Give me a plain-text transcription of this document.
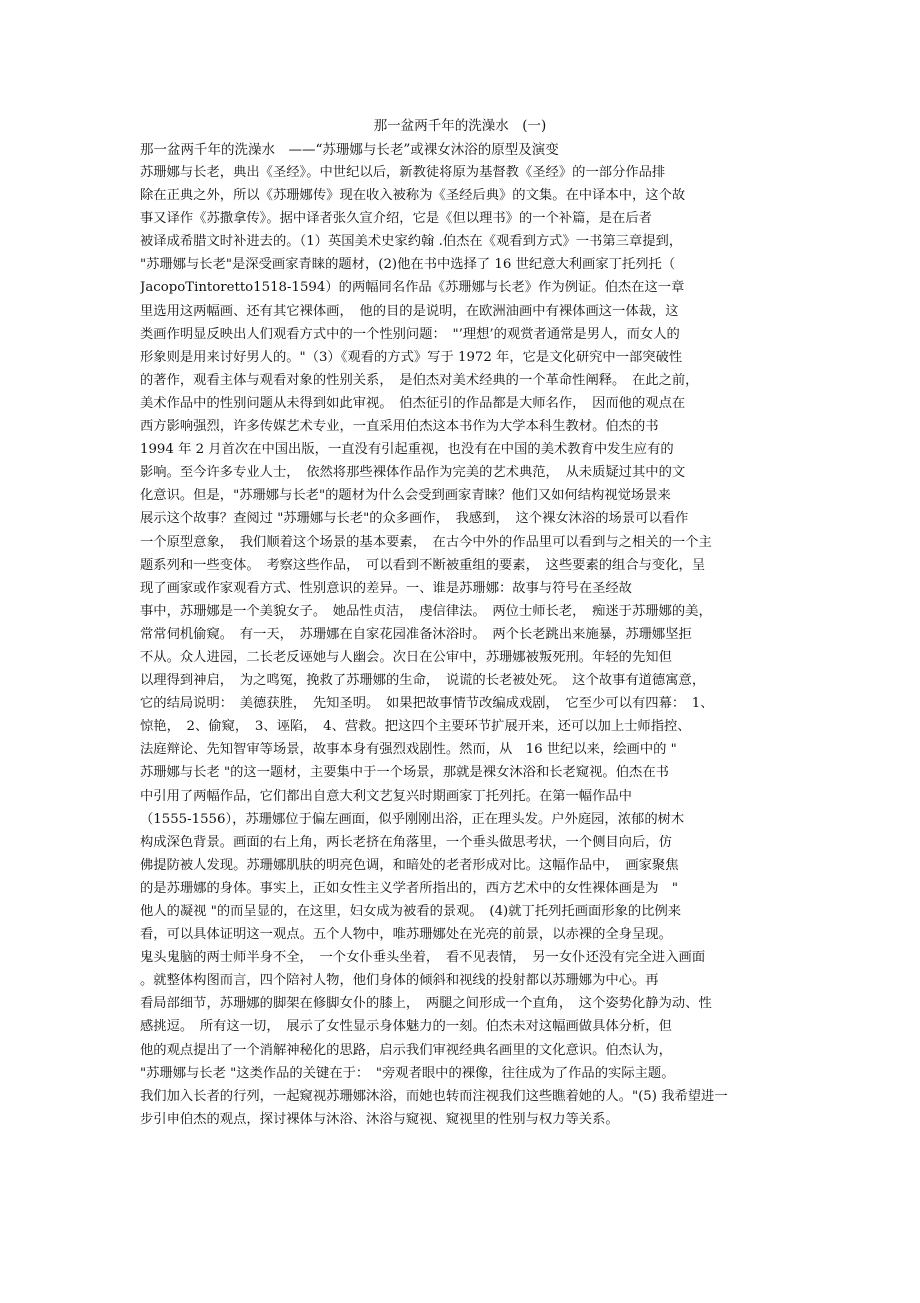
那一盆两千年的洗澡水　(一)
那一盆两千年的洗澡水　——“苏珊娜与长老”或裸女沐浴的原型及演变
苏珊娜与长老，典出《圣经》。中世纪以后，新教徒将原为基督教《圣经》的一部分作品排
除在正典之外，所以《苏珊娜传》现在收入被称为《圣经后典》的文集。在中译本中，这个故
事又译作《苏撒拿传》。据中译者张久宣介绍，它是《但以理书》的一个补篇，是在后者
被译成希腊文时补进去的。（1）英国美术史家约翰 .伯杰在《观看到方式》一书第三章提到，
"苏珊娜与长老"是深受画家青睐的题材，(2)他在书中选择了 16 世纪意大利画家丁托列托（
JacopoTintoretto1518-1594）的两幅同名作品《苏珊娜与长老》作为例证。伯杰在这一章
里选用这两幅画、还有其它裸体画，　他的目的是说明，在欧洲油画中有裸体画这一体裁，这
类画作明显反映出人们观看方式中的一个性别问题：　"’理想’的观赏者通常是男人，而女人的
形象则是用来讨好男人的。"（3）《观看的方式》写于 1972 年，它是文化研究中一部突破性
的著作，观看主体与观看对象的性别关系，　是伯杰对美术经典的一个革命性阐释。　在此之前，
美术作品中的性别问题从未得到如此审视。　伯杰征引的作品都是大师名作，　因而他的观点在
西方影响强烈，许多传媒艺术专业，一直采用伯杰这本书作为大学本科生教材。伯杰的书
1994 年 2 月首次在中国出版，一直没有引起重视，也没有在中国的美术教育中发生应有的
影响。至今许多专业人士，　依然将那些裸体作品作为完美的艺术典范，　从未质疑过其中的文
化意识。但是，"苏珊娜与长老"的题材为什么会受到画家青睐？他们又如何结构视觉场景来
展示这个故事？查阅过 "苏珊娜与长老"的众多画作，　我感到，　这个裸女沐浴的场景可以看作
一个原型意象，　我们顺着这个场景的基本要素，　在古今中外的作品里可以看到与之相关的一个主
题系列和一些变体。　考察这些作品，　可以看到不断被重组的要素，　这些要素的组合与变化，呈
现了画家或作家观看方式、性别意识的差异。一、谁是苏珊娜：故事与符号在圣经故
事中，苏珊娜是一个美貌女子。　她品性贞洁，　虔信律法。　两位士师长老，　痴迷于苏珊娜的美，
常常伺机偷窥。　有一天，　苏珊娜在自家花园准备沐浴时。　两个长老跳出来施暴，苏珊娜坚拒
不从。众人进园，二长老反诬她与人幽会。次日在公审中，苏珊娜被叛死刑。年轻的先知但
以理得到神启，　为之鸣冤，挽救了苏珊娜的生命，　说谎的长老被处死。　这个故事有道德寓意，
它的结局说明：　美德获胜，　先知圣明。　如果把故事情节改编成戏剧，　它至少可以有四幕：　1、
惊艳，　2、偷窥，　3、诬陷，　4、营救。把这四个主要环节扩展开来，还可以加上士师指控、
法庭辩论、先知智审等场景，故事本身有强烈戏剧性。然而，从　16 世纪以来，绘画中的 "
苏珊娜与长老 "的这一题材，主要集中于一个场景，那就是裸女沐浴和长老窥视。伯杰在书
中引用了两幅作品，它们都出自意大利文艺复兴时期画家丁托列托。在第一幅作品中
（1555-1556），苏珊娜位于偏左画面，似乎刚刚出浴，正在理头发。户外庭园，浓郁的树木
构成深色背景。画面的右上角，两长老挤在角落里，一个垂头做思考状，一个侧目向后，仿
佛提防被人发现。苏珊娜肌肤的明亮色调，和暗处的老者形成对比。这幅作品中，　画家聚焦
的是苏珊娜的身体。事实上，正如女性主义学者所指出的，西方艺术中的女性裸体画是为　"
他人的凝视 "的而呈显的，在这里，妇女成为被看的景观。　(4)就丁托列托画面形象的比例来
看，可以具体证明这一观点。五个人物中，唯苏珊娜处在光亮的前景，以赤裸的全身呈现。
鬼头鬼脑的两士师半身不全，　一个女仆垂头坐着，　看不见表情，　另一女仆还没有完全进入画面
。就整体构图而言，四个陪衬人物，他们身体的倾斜和视线的投射都以苏珊娜为中心。再
看局部细节，苏珊娜的脚架在修脚女仆的膝上，　两腿之间形成一个直角，　这个姿势化静为动、性
感挑逗。　所有这一切，　展示了女性显示身体魅力的一刻。伯杰未对这幅画做具体分析，但
他的观点提出了一个消解神秘化的思路，启示我们审视经典名画里的文化意识。伯杰认为，
"苏珊娜与长老 "这类作品的关键在于：　"旁观者眼中的裸像，往往成为了作品的实际主题。
我们加入长者的行列，一起窥视苏珊娜沐浴，而她也转而注视我们这些瞧着她的人。"(5) 我希望进一
步引申伯杰的观点，探讨裸体与沐浴、沐浴与窥视、窥视里的性别与权力等关系。
